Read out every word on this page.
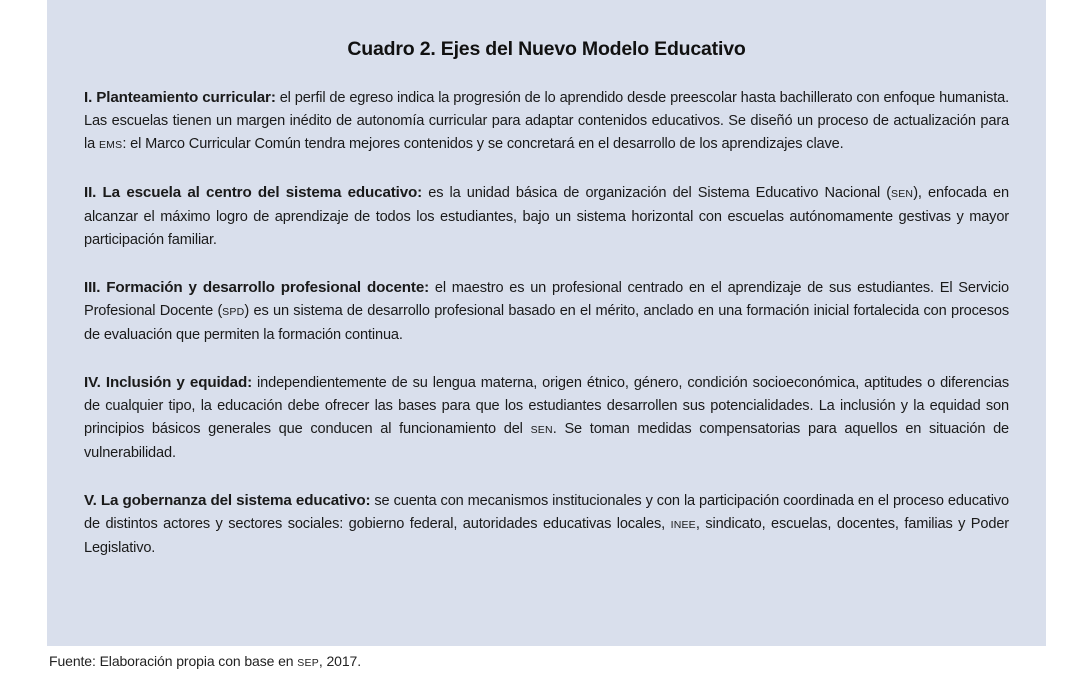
Cuadro 2. Ejes del Nuevo Modelo Educativo

I. Planteamiento curricular: el perfil de egreso indica la progresión de lo aprendido desde preescolar hasta bachillerato con enfoque humanista. Las escuelas tienen un margen inédito de autonomía curricular para adaptar contenidos educativos. Se diseñó un proceso de actualización para la EMS: el Marco Curricular Común tendra mejores contenidos y se concretará en el desarrollo de los aprendizajes clave.

II. La escuela al centro del sistema educativo: es la unidad básica de organización del Sistema Educativo Nacional (SEN), enfocada en alcanzar el máximo logro de aprendizaje de todos los estudiantes, bajo un sistema horizontal con escuelas autónomamente gestivas y mayor participación familiar.

III. Formación y desarrollo profesional docente: el maestro es un profesional centrado en el aprendizaje de sus estudiantes. El Servicio Profesional Docente (SPD) es un sistema de desarrollo profesional basado en el mérito, anclado en una formación inicial fortalecida con procesos de evaluación que permiten la formación continua.

IV. Inclusión y equidad: independientemente de su lengua materna, origen étnico, género, condición socioeconómica, aptitudes o diferencias de cualquier tipo, la educación debe ofrecer las bases para que los estudiantes desarrollen sus potencialidades. La inclusión y la equidad son principios básicos generales que conducen al funcionamiento del SEN. Se toman medidas compensatorias para aquellos en situación de vulnerabilidad.

V. La gobernanza del sistema educativo: se cuenta con mecanismos institucionales y con la participación coordinada en el proceso educativo de distintos actores y sectores sociales: gobierno federal, autoridades educativas locales, INEE, sindicato, escuelas, docentes, familias y Poder Legislativo.

Fuente: Elaboración propia con base en SEP, 2017.
